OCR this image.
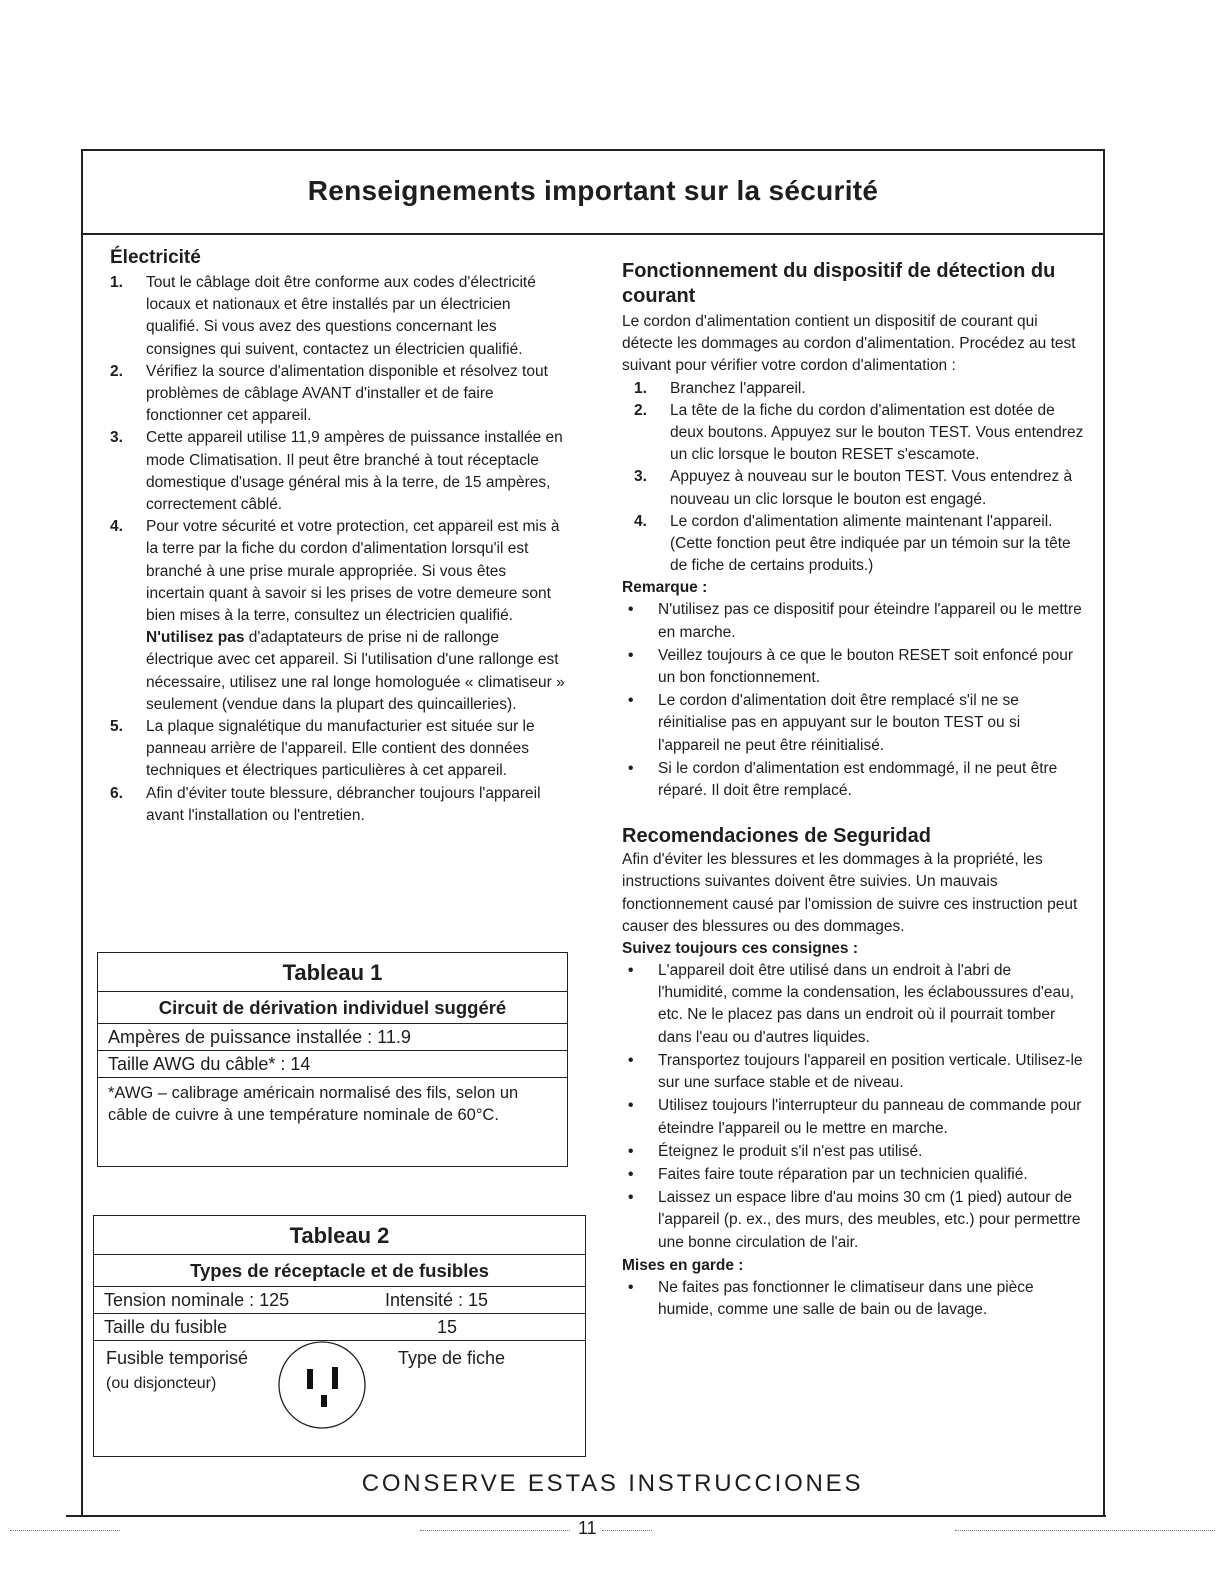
Renseignements important sur la sécurité
Électricité
1. Tout le câblage doit être conforme aux codes d'électricité locaux et nationaux et être installés par un électricien qualifié. Si vous avez des questions concernant les consignes qui suivent, contactez un électricien qualifié.
2. Vérifiez la source d'alimentation disponible et résolvez tout problèmes de câblage AVANT d'installer et de faire fonctionner cet appareil.
3. Cette appareil utilise 11,9 ampères de puissance installée en mode Climatisation. Il peut être branché à tout réceptacle domestique d'usage général mis à la terre, de 15 ampères, correctement câblé.
4. Pour votre sécurité et votre protection, cet appareil est mis à la terre par la fiche du cordon d'alimentation lorsqu'il est branché à une prise murale appropriée. Si vous êtes incertain quant à savoir si les prises de votre demeure sont bien mises à la terre, consultez un électricien qualifié. N'utilisez pas d'adaptateurs de prise ni de rallonge électrique avec cet appareil. Si l'utilisation d'une rallonge est nécessaire, utilisez une ral longe homologuée « climatiseur » seulement (vendue dans la plupart des quincailleries).
5. La plaque signalétique du manufacturier est située sur le panneau arrière de l'appareil. Elle contient des données techniques et électriques particulières à cet appareil.
6. Afin d'éviter toute blessure, débrancher toujours l'appareil avant l'installation ou l'entretien.
Tableau 1
Circuit de dérivation individuel suggéré
Ampères de puissance installée : 11.9
Taille AWG du câble* : 14
*AWG – calibrage américain normalisé des fils, selon un câble de cuivre à une température nominale de 60°C.
Tableau 2
Types de réceptacle et de fusibles
Tension nominale : 125	Intensité : 15
Taille du fusible	15
Fusible temporisé
(ou disjoncteur)
Type de fiche
Fonctionnement du dispositif de détection du courant

Le cordon d'alimentation contient un dispositif de courant qui détecte les dommages au cordon d'alimentation. Procédez au test suivant pour vérifier votre cordon d'alimentation :

1. Branchez l'appareil.
2. La tête de la fiche du cordon d'alimentation est dotée de deux boutons. Appuyez sur le bouton TEST. Vous entendrez un clic lorsque le bouton RESET s'escamote.
3. Appuyez à nouveau sur le bouton TEST. Vous entendrez à nouveau un clic lorsque le bouton est engagé.
4. Le cordon d'alimentation alimente maintenant l'appareil. (Cette fonction peut être indiquée par un témoin sur la tête de fiche de certains produits.)
Remarque :
• N'utilisez pas ce dispositif pour éteindre l'appareil ou le mettre en marche.
• Veillez toujours à ce que le bouton RESET soit enfoncé pour un bon fonctionnement.
• Le cordon d'alimentation doit être remplacé s'il ne se réinitialise pas en appuyant sur le bouton TEST ou si l'appareil ne peut être réinitialisé.
• Si le cordon d'alimentation est endommagé, il ne peut être réparé. Il doit être remplacé.
Recomendaciones de Seguridad

Afin d'éviter les blessures et les dommages à la propriété, les instructions suivantes doivent être suivies. Un mauvais fonctionnement causé par l'omission de suivre ces instruction peut causer des blessures ou des dommages.

Suivez toujours ces consignes :
• L'appareil doit être utilisé dans un endroit à l'abri de l'humidité, comme la condensation, les éclaboussures d'eau, etc. Ne le placez pas dans un endroit où il pourrait tomber dans l'eau ou d'autres liquides.
• Transportez toujours l'appareil en position verticale. Utilisez-le sur une surface stable et de niveau.
• Utilisez toujours l'interrupteur du panneau de commande pour éteindre l'appareil ou le mettre en marche.
• Éteignez le produit s'il n'est pas utilisé.
• Faites faire toute réparation par un technicien qualifié.
• Laissez un espace libre d'au moins 30 cm (1 pied) autour de l'appareil (p. ex., des murs, des meubles, etc.) pour permettre une bonne circulation de l'air.
Mises en garde :
• Ne faites pas fonctionner le climatiseur dans une pièce humide, comme une salle de bain ou de lavage.
CONSERVE ESTAS INSTRUCCIONES
11
